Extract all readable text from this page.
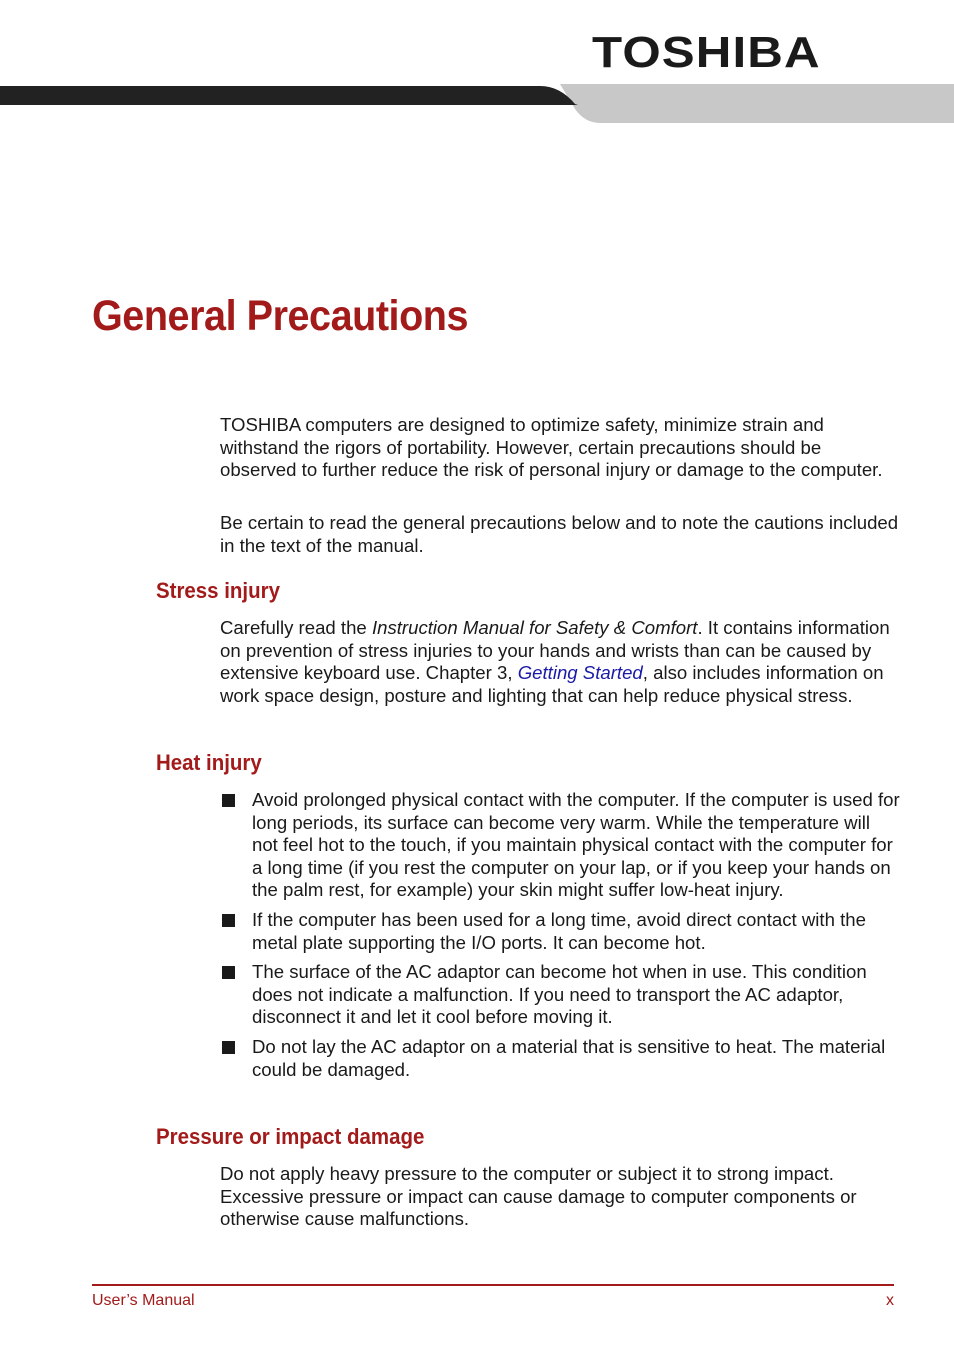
TOSHIBA
General Precautions

TOSHIBA computers are designed to optimize safety, minimize strain and withstand the rigors of portability. However, certain precautions should be observed to further reduce the risk of personal injury or damage to the computer.

Be certain to read the general precautions below and to note the cautions included in the text of the manual.

Stress injury

Carefully read the Instruction Manual for Safety & Comfort. It contains information on prevention of stress injuries to your hands and wrists than can be caused by extensive keyboard use. Chapter 3, Getting Started, also includes information on work space design, posture and lighting that can help reduce physical stress.

Heat injury
Avoid prolonged physical contact with the computer. If the computer is used for long periods, its surface can become very warm. While the temperature will not feel hot to the touch, if you maintain physical contact with the computer for a long time (if you rest the computer on your lap, or if you keep your hands on the palm rest, for example) your skin might suffer low-heat injury.
If the computer has been used for a long time, avoid direct contact with the metal plate supporting the I/O ports. It can become hot.
The surface of the AC adaptor can become hot when in use. This condition does not indicate a malfunction. If you need to transport the AC adaptor, disconnect it and let it cool before moving it.
Do not lay the AC adaptor on a material that is sensitive to heat. The material could be damaged.
Pressure or impact damage

Do not apply heavy pressure to the computer or subject it to strong impact. Excessive pressure or impact can cause damage to computer components or otherwise cause malfunctions.

User’s Manual	x
